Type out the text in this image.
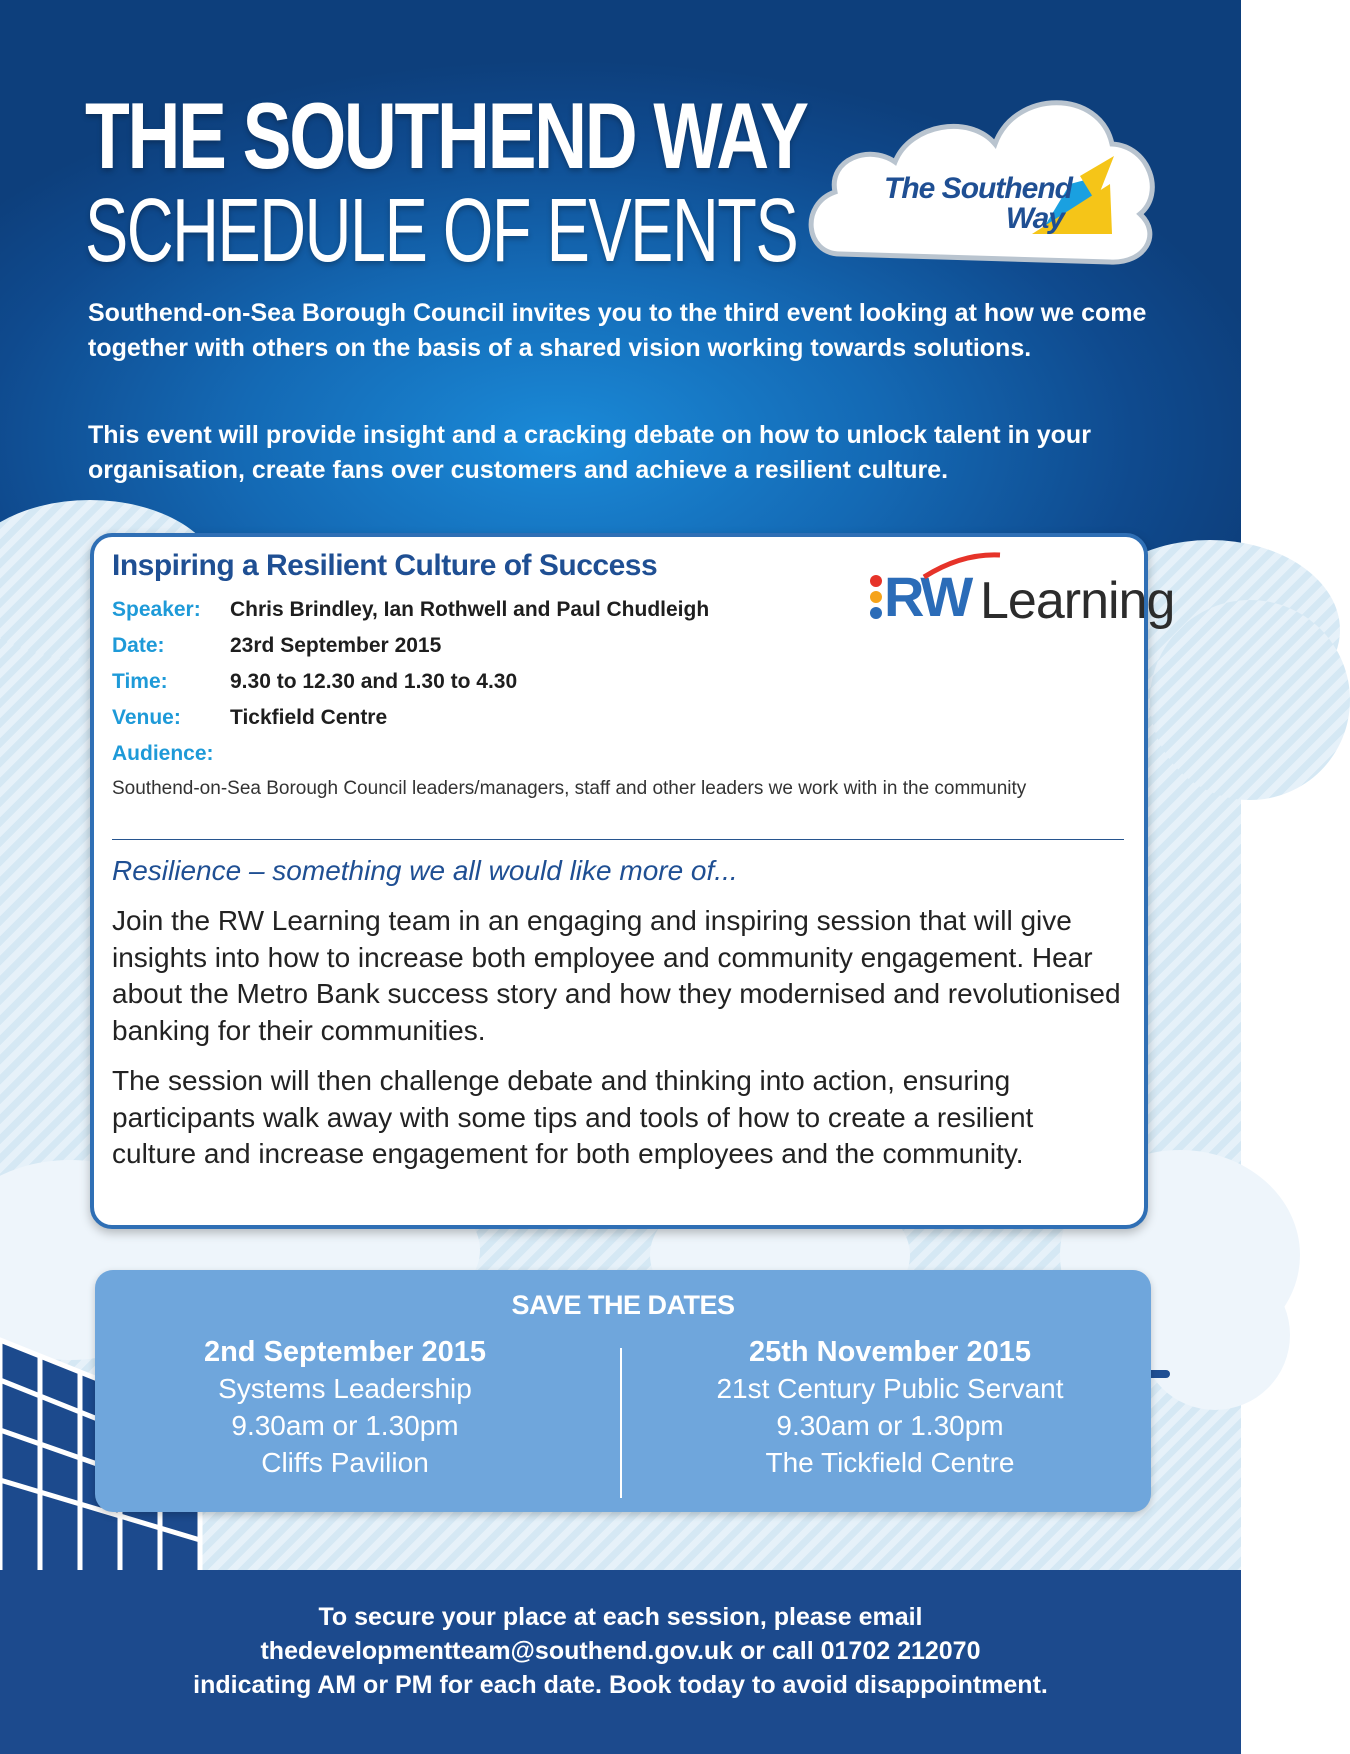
THE SOUTHEND WAY
SCHEDULE OF EVENTS	The Southend
Way

Southend-on-Sea Borough Council invites you to the third event looking at how we come together with others on the basis of a shared vision working towards solutions.

This event will provide insight and a cracking debate on how to unlock talent in your organisation, create fans over customers and achieve a resilient culture.

Inspiring a Resilient Culture of Success	RW Learning
Speaker: Chris Brindley, Ian Rothwell and Paul Chudleigh
Date:	23rd September 2015
Time:	9.30 to 12.30 and 1.30 to 4.30
Venue: Tickfield Centre
Audience:

Southend-on-Sea Borough Council leaders/managers, staff and other leaders we work with in the community

Resilience – something we all would like more of...

Join the RW Learning team in an engaging and inspiring session that will give insights into how to increase both employee and community engagement. Hear about the Metro Bank success story and how they modernised and revolutionised banking for their communities.

The session will then challenge debate and thinking into action, ensuring participants walk away with some tips and tools of how to create a resilient culture and increase engagement for both employees and the community.

SAVE THE DATES

2nd September 2015
Systems Leadership
9.30am or 1.30pm
Cliffs Pavilion
25th November 2015
21st Century Public Servant
9.30am or 1.30pm
The Tickfield Centre
To secure your place at each session, please email
thedevelopmentteam@southend.gov.uk or call 01702 212070
indicating AM or PM for each date. Book today to avoid disappointment.
